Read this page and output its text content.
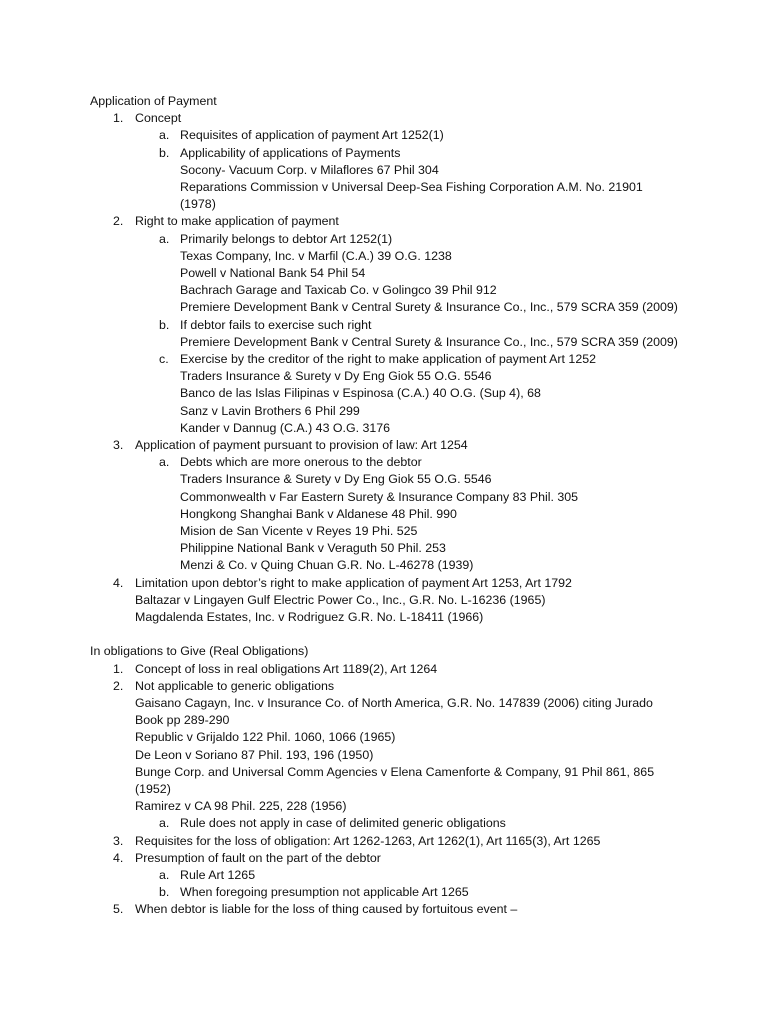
Application of Payment
1. Concept
a. Requisites of application of payment Art 1252(1)
b. Applicability of applications of Payments
Socony- Vacuum Corp. v Milaflores 67 Phil 304
Reparations Commission v Universal Deep-Sea Fishing Corporation A.M. No. 21901
(1978)
2. Right to make application of payment
a. Primarily belongs to debtor Art 1252(1)
Texas Company, Inc. v Marfil (C.A.) 39 O.G. 1238
Powell v National Bank 54 Phil 54
Bachrach Garage and Taxicab Co. v Golingco 39 Phil 912
Premiere Development Bank v Central Surety & Insurance Co., Inc., 579 SCRA 359 (2009)
b. If debtor fails to exercise such right
Premiere Development Bank v Central Surety & Insurance Co., Inc., 579 SCRA 359 (2009)
c. Exercise by the creditor of the right to make application of payment Art 1252
Traders Insurance & Surety v Dy Eng Giok 55 O.G. 5546
Banco de las Islas Filipinas v Espinosa (C.A.) 40 O.G. (Sup 4), 68
Sanz v Lavin Brothers 6 Phil 299
Kander v Dannug (C.A.) 43 O.G. 3176
3. Application of payment pursuant to provision of law: Art 1254
a. Debts which are more onerous to the debtor
Traders Insurance & Surety v Dy Eng Giok 55 O.G. 5546
Commonwealth v Far Eastern Surety & Insurance Company 83 Phil. 305
Hongkong Shanghai Bank v Aldanese 48 Phil. 990
Mision de San Vicente v Reyes 19 Phi. 525
Philippine National Bank v Veraguth 50 Phil. 253
Menzi & Co. v Quing Chuan G.R. No. L-46278 (1939)
4. Limitation upon debtor’s right to make application of payment Art 1253, Art 1792
Baltazar v Lingayen Gulf Electric Power Co., Inc., G.R. No. L-16236 (1965)
Magdalenda Estates, Inc. v Rodriguez G.R. No. L-18411 (1966)
In obligations to Give (Real Obligations)
1. Concept of loss in real obligations Art 1189(2), Art 1264
2. Not applicable to generic obligations
Gaisano Cagayn, Inc. v Insurance Co. of North America, G.R. No. 147839 (2006) citing Jurado
Book pp 289-290
Republic v Grijaldo 122 Phil. 1060, 1066 (1965)
De Leon v Soriano 87 Phil. 193, 196 (1950)
Bunge Corp. and Universal Comm Agencies v Elena Camenforte & Company, 91 Phil 861, 865
(1952)
Ramirez v CA 98 Phil. 225, 228 (1956)
a. Rule does not apply in case of delimited generic obligations
3. Requisites for the loss of obligation: Art 1262-1263, Art 1262(1), Art 1165(3), Art 1265
4. Presumption of fault on the part of the debtor
a. Rule Art 1265
b. When foregoing presumption not applicable Art 1265
5. When debtor is liable for the loss of thing caused by fortuitous event –
